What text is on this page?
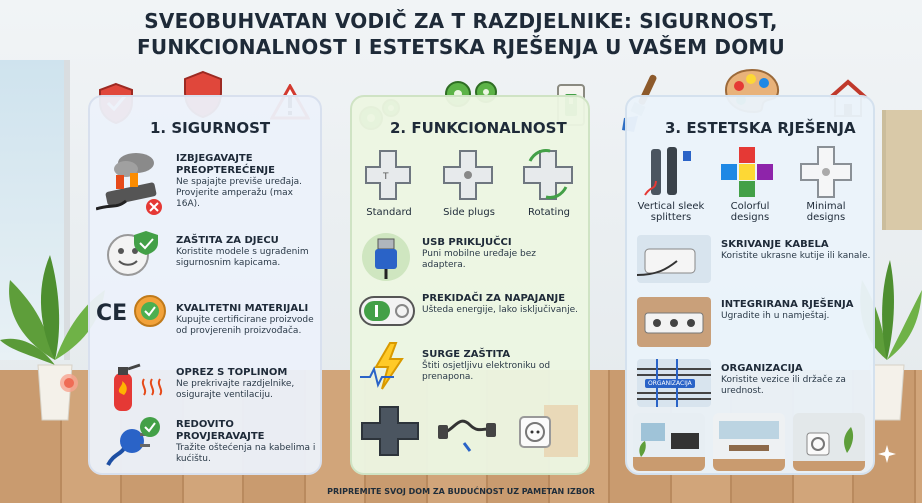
SVEOBUHVATAN VODIČ ZA T RAZDJELNIKE: SIGURNOST,
FUNKCIONALNOST I ESTETSKA RJEŠENJA U VAŠEM DOMU
1. SIGURNOST
IZBJEGAVAJTE PREOPTEREĆENJE
Ne spajajte previše uređaja. Provjerite amperažu (max 16A).
ZAŠTITA ZA DJECU
Koristite modele s ugrađenim sigurnosnim kapicama.
CE	KVALITETNI MATERIJALI
Kupujte certificirane proizvode od provjerenih proizvođača.
OPREZ S TOPLINOM
Ne prekrivajte razdjelnike, osigurajte ventilaciju.
REDOVITO PROVJERAVAJTE
Tražite oštećenja na kabelima i kućištu.
2. FUNKCIONALNOST
T
Standard	Side plugs	Rotating
USB PRIKLJUČCI
Puni mobilne uređaje bez adaptera.
PREKIDAČI ZA NAPAJANJE
Ušteda energije, lako isključivanje.
SURGE ZAŠTITA
Štiti osjetljivu elektroniku od prenapona.
3. ESTETSKA RJEŠENJA
Vertical sleek splitters
Colorful designs
Minimal designs
SKRIVANJE KABELA
Koristite ukrasne kutije ili kanale.
INTEGRIRANA RJEŠENJA
Ugradite ih u namještaj.
ORGANIZACIJA
ORGANIZACIJA
Koristite vezice ili držače za urednost.
PRIPREMITE SVOJ DOM ZA BUDUĆNOST UZ PAMETAN IZBOR
